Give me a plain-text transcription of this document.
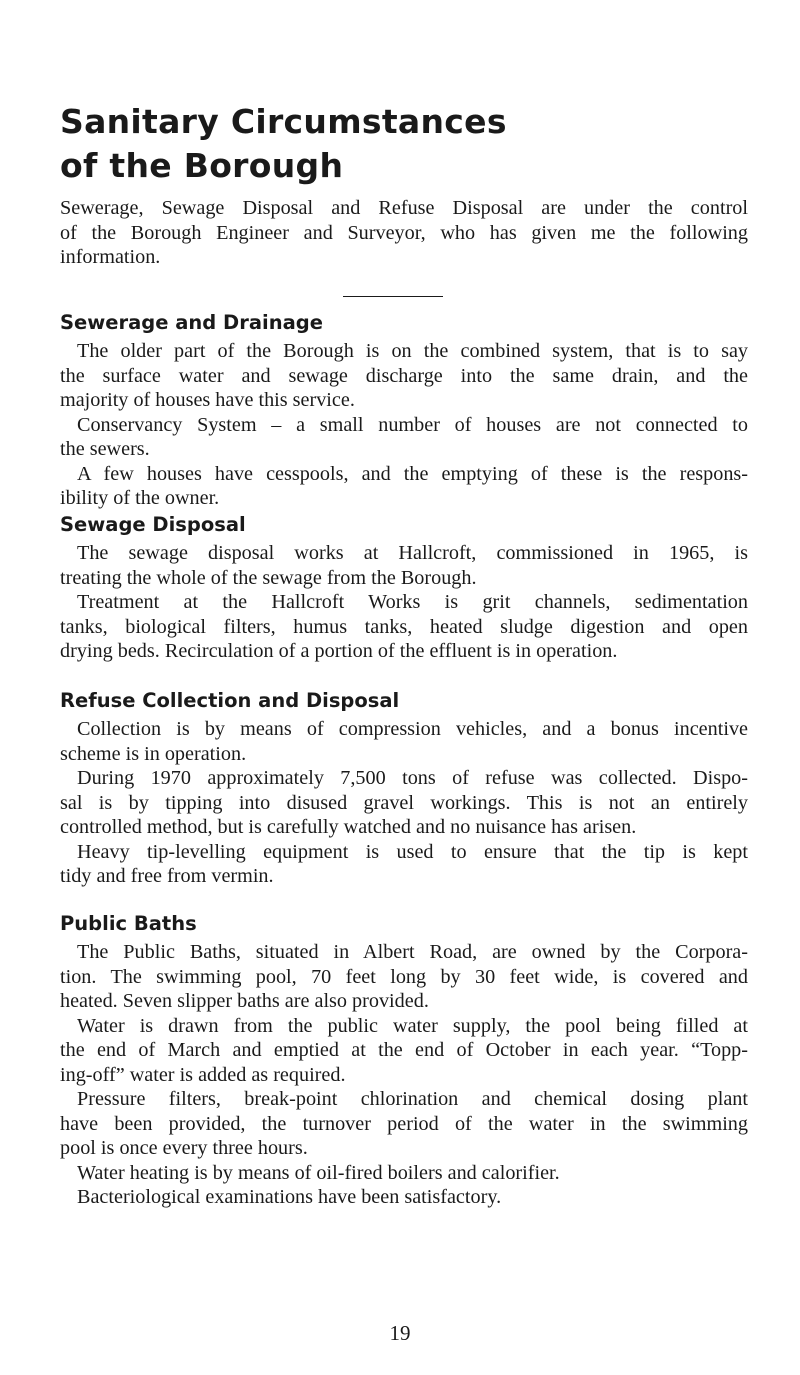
Sanitary Circumstances
of the Borough

Sewerage, Sewage Disposal and Refuse Disposal are under the control
of the Borough Engineer and Surveyor, who has given me the following
information.

Sewerage and Drainage

The older part of the Borough is on the combined system, that is to say
the surface water and sewage discharge into the same drain, and the
majority of houses have this service.

Conservancy System – a small number of houses are not connected to
the sewers.

A few houses have cesspools, and the emptying of these is the respons-
ibility of the owner.

Sewage Disposal

The sewage disposal works at Hallcroft, commissioned in 1965, is
treating the whole of the sewage from the Borough.

Treatment at the Hallcroft Works is grit channels, sedimentation
tanks, biological filters, humus tanks, heated sludge digestion and open
drying beds. Recirculation of a portion of the effluent is in operation.

Refuse Collection and Disposal

Collection is by means of compression vehicles, and a bonus incentive
scheme is in operation.

During 1970 approximately 7,500 tons of refuse was collected. Dispo-
sal is by tipping into disused gravel workings. This is not an entirely
controlled method, but is carefully watched and no nuisance has arisen.

Heavy tip-levelling equipment is used to ensure that the tip is kept
tidy and free from vermin.

Public Baths

The Public Baths, situated in Albert Road, are owned by the Corpora-
tion. The swimming pool, 70 feet long by 30 feet wide, is covered and
heated. Seven slipper baths are also provided.

Water is drawn from the public water supply, the pool being filled at
the end of March and emptied at the end of October in each year. “Topp-
ing-off” water is added as required.

Pressure filters, break-point chlorination and chemical dosing plant
have been provided, the turnover period of the water in the swimming
pool is once every three hours.

Water heating is by means of oil-fired boilers and calorifier.

Bacteriological examinations have been satisfactory.

19
